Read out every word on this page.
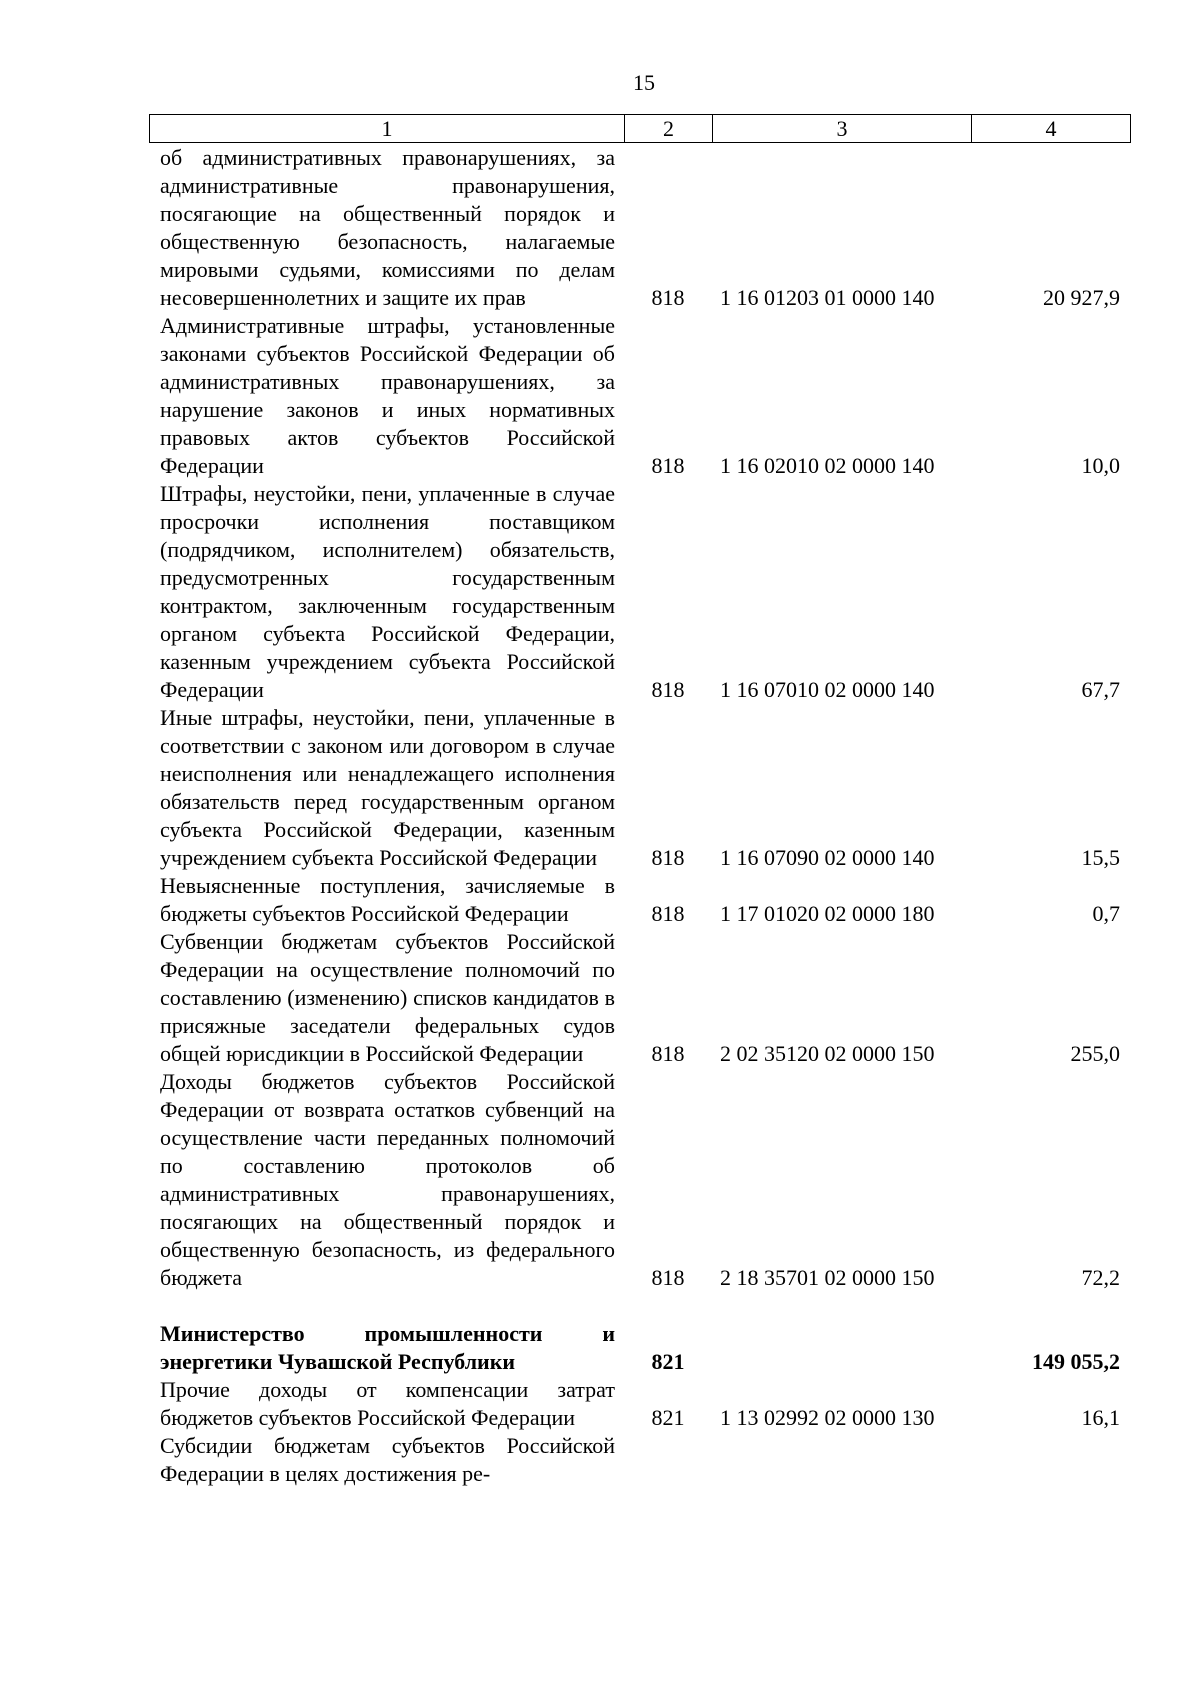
15
1	2	3	4
об административных правонарушениях, за административные правонарушения, посягающие на общественный порядок и общественную безопасность, налагаемые мировыми судьями, комиссиями по делам несовершеннолетних и защите их прав	818 1 16 01203 01 0000 140	20 927,9
Административные штрафы, установленные законами субъектов Российской Федерации об административных правонарушениях, за нарушение законов и иных нормативных правовых актов субъектов Российской Федерации	818 1 16 02010 02 0000 140	10,0
Штрафы, неустойки, пени, уплаченные в случае просрочки исполнения поставщиком (подрядчиком, исполнителем) обязательств, предусмотренных государственным контрактом, заключенным государственным органом субъекта Российской Федерации, казенным учреждением субъекта Российской Федерации	818 1 16 07010 02 0000 140	67,7
Иные штрафы, неустойки, пени, уплаченные в соответствии с законом или договором в случае неисполнения или ненадлежащего исполнения обязательств перед государственным органом субъекта Российской Федерации, казенным учреждением субъекта Российской Федерации	818 1 16 07090 02 0000 140	15,5
Невыясненные поступления, зачисляемые в бюджеты субъектов Российской Федерации	818 1 17 01020 02 0000 180	0,7
Субвенции бюджетам субъектов Российской Федерации на осуществление полномочий по составлению (изменению) списков кандидатов в присяжные заседатели федеральных судов общей юрисдикции в Российской Федерации	818 2 02 35120 02 0000 150	255,0
Доходы бюджетов субъектов Российской Федерации от возврата остатков субвенций на осуществление части переданных полномочий по составлению протоколов об административных правонарушениях, посягающих на общественный порядок и общественную безопасность, из федерального бюджета	818 2 18 35701 02 0000 150	72,2
Министерство промышленности и энергетики Чувашской Республики	821	149 055,2
Прочие доходы от компенсации затрат бюджетов субъектов Российской Федерации	821 1 13 02992 02 0000 130	16,1
Субсидии бюджетам субъектов Российской Федерации в целях достижения ре-
